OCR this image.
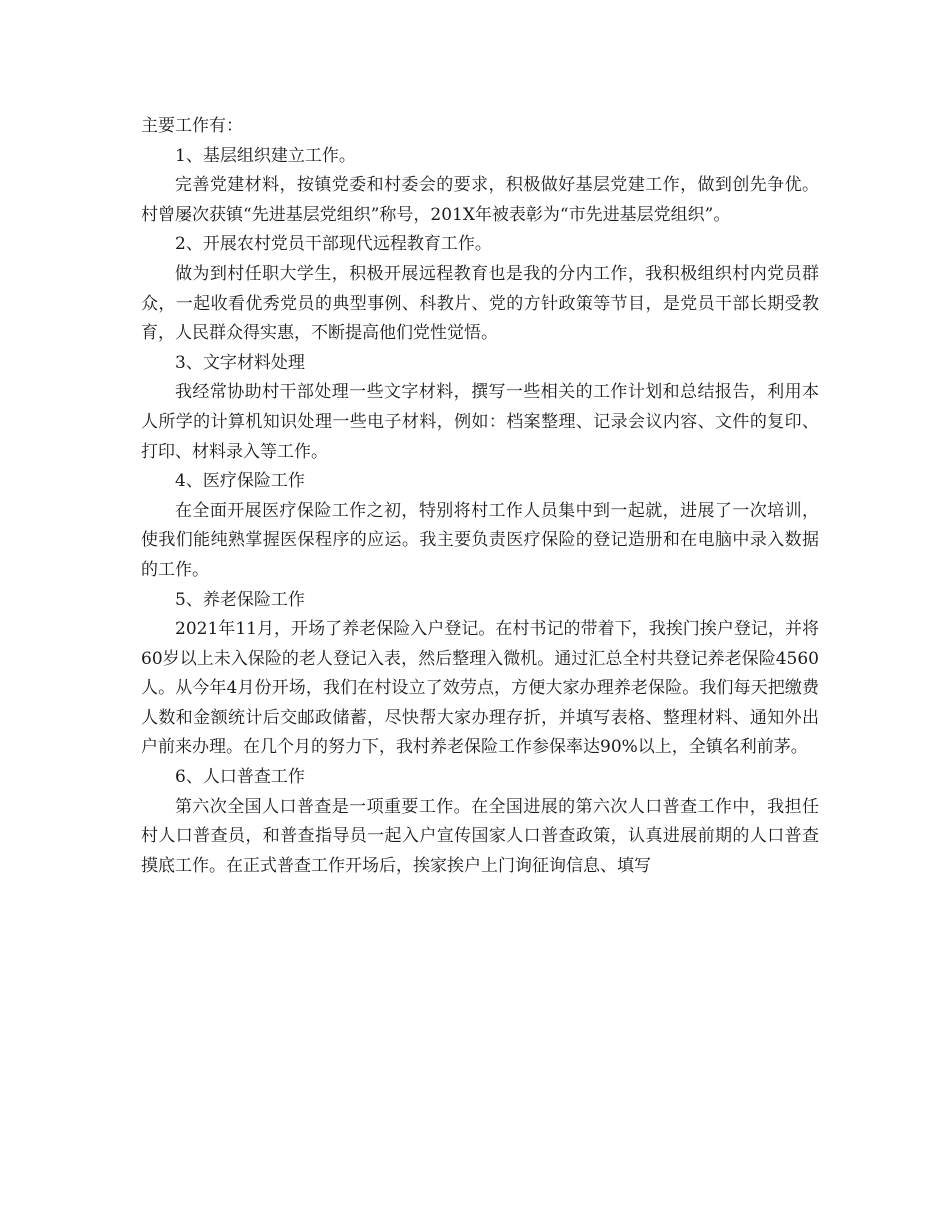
主要工作有：

1、基层组织建立工作。

完善党建材料，按镇党委和村委会的要求，积极做好基层党建工作，做到创先争优。村曾屡次获镇“先进基层党组织”称号，201X年被表彰为“市先进基层党组织”。

2、开展农村党员干部现代远程教育工作。

做为到村任职大学生，积极开展远程教育也是我的分内工作，我积极组织村内党员群众，一起收看优秀党员的典型事例、科教片、党的方针政策等节目，是党员干部长期受教育，人民群众得实惠，不断提高他们党性觉悟。

3、文字材料处理

我经常协助村干部处理一些文字材料，撰写一些相关的工作计划和总结报告，利用本人所学的计算机知识处理一些电子材料，例如：档案整理、记录会议内容、文件的复印、打印、材料录入等工作。

4、医疗保险工作

在全面开展医疗保险工作之初，特别将村工作人员集中到一起就，进展了一次培训，使我们能纯熟掌握医保程序的应运。我主要负责医疗保险的登记造册和在电脑中录入数据的工作。

5、养老保险工作

2021年11月，开场了养老保险入户登记。在村书记的带着下，我挨门挨户登记，并将60岁以上未入保险的老人登记入表，然后整理入微机。通过汇总全村共登记养老保险4560人。从今年4月份开场，我们在村设立了效劳点，方便大家办理养老保险。我们每天把缴费人数和金额统计后交邮政储蓄，尽快帮大家办理存折，并填写表格、整理材料、通知外出户前来办理。在几个月的努力下，我村养老保险工作参保率达90%以上，全镇名利前茅。

6、人口普查工作

第六次全国人口普查是一项重要工作。在全国进展的第六次人口普查工作中，我担任村人口普查员，和普查指导员一起入户宣传国家人口普查政策，认真进展前期的人口普查摸底工作。在正式普查工作开场后，挨家挨户上门询征询信息、填写
